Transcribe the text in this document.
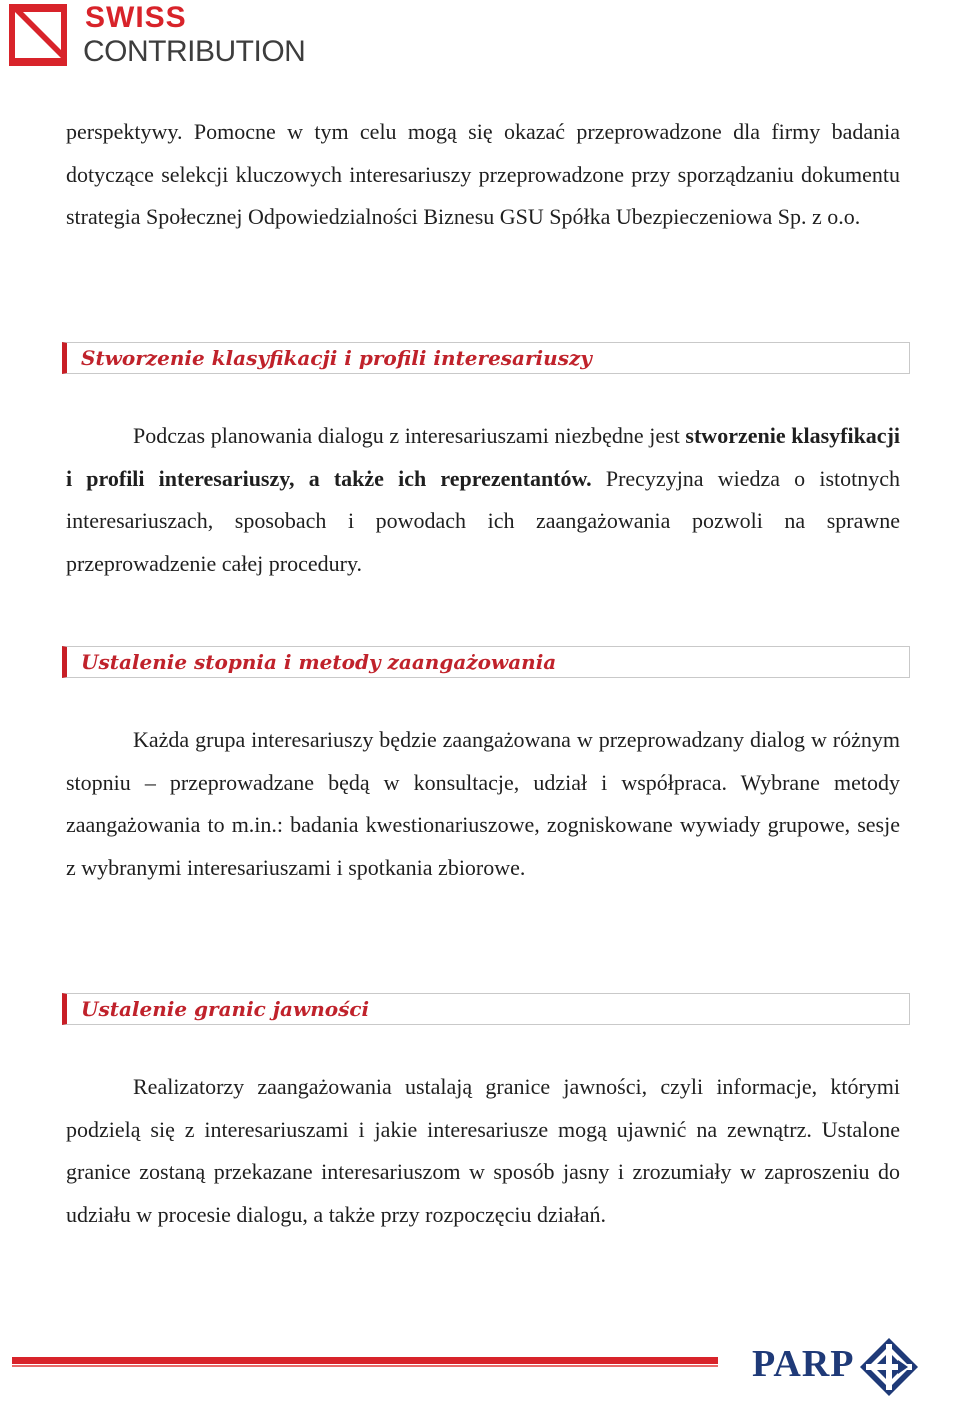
SWISS
CONTRIBUTION

perspektywy. Pomocne w tym celu mogą się okazać przeprowadzone dla firmy badania dotyczące selekcji kluczowych interesariuszy przeprowadzone przy sporządzaniu dokumentu strategia Społecznej Odpowiedzialności Biznesu GSU Spółka Ubezpieczeniowa Sp. z o.o.

Stworzenie klasyfikacji i profili interesariuszy

Podczas planowania dialogu z interesariuszami niezbędne jest stworzenie klasyfikacji i profili interesariuszy, a także ich reprezentantów. Precyzyjna wiedza o istotnych interesariuszach, sposobach i powodach ich zaangażowania pozwoli na sprawne przeprowadzenie całej procedury.

Ustalenie stopnia i metody zaangażowania

Każda grupa interesariuszy będzie zaangażowana w przeprowadzany dialog w różnym stopniu – przeprowadzane będą w konsultacje, udział i współpraca. Wybrane metody zaangażowania to m.in.: badania kwestionariuszowe, zogniskowane wywiady grupowe, sesje z wybranymi interesariuszami i spotkania zbiorowe.

Ustalenie granic jawności

Realizatorzy zaangażowania ustalają granice jawności, czyli informacje, którymi podzielą się z interesariuszami i jakie interesariusze mogą ujawnić na zewnątrz. Ustalone granice zostaną przekazane interesariuszom w sposób jasny i zrozumiały w zaproszeniu do udziału w procesie dialogu, a także przy rozpoczęciu działań.

PARP
